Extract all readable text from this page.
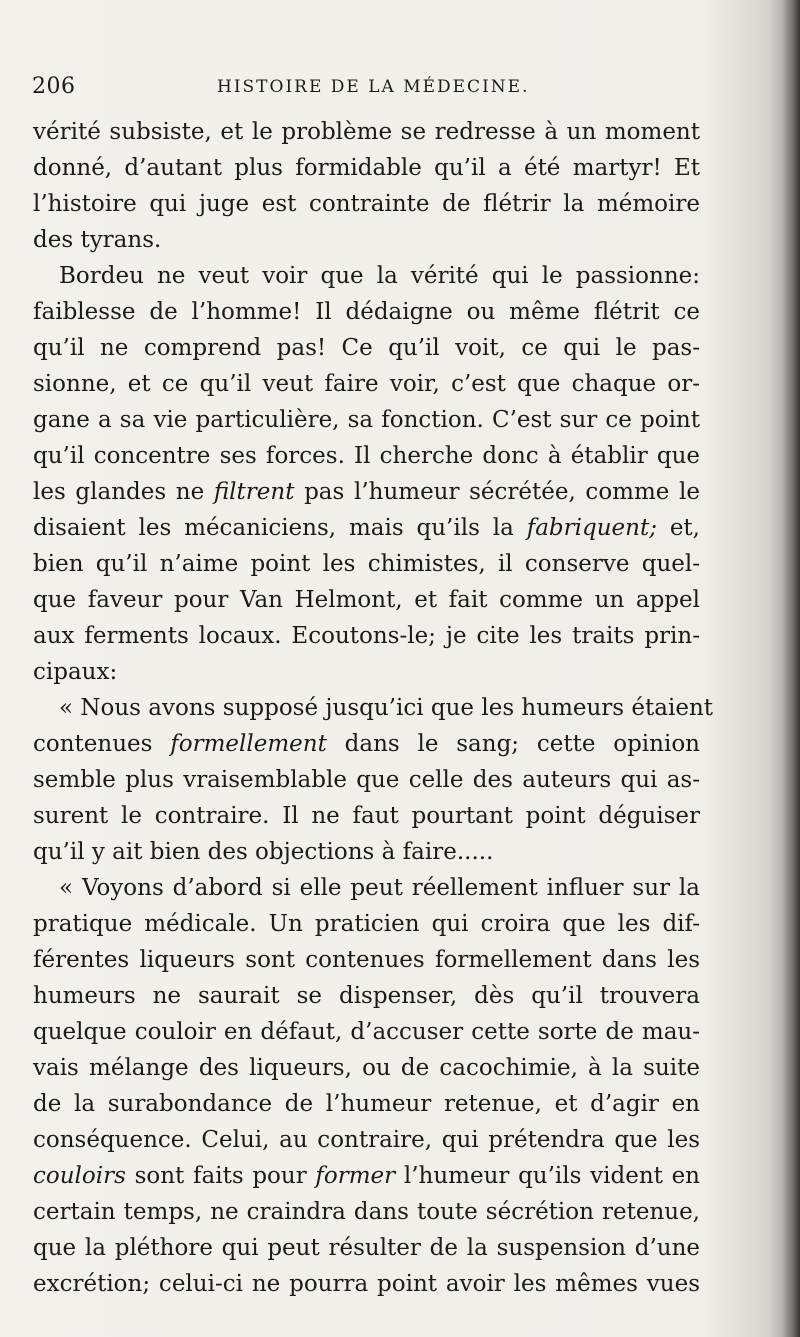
206	HISTOIRE DE LA MÉDECINE.
vérité subsiste, et le problème se redresse à un moment
donné, d’autant plus formidable qu’il a été martyr! Et
l’histoire qui juge est contrainte de flétrir la mémoire
des tyrans.
Bordeu ne veut voir que la vérité qui le passionne:
faiblesse de l’homme! Il dédaigne ou même flétrit ce
qu’il ne comprend pas! Ce qu’il voit, ce qui le pas-
sionne, et ce qu’il veut faire voir, c’est que chaque or-
gane a sa vie particulière, sa fonction. C’est sur ce point
qu’il concentre ses forces. Il cherche donc à établir que
les glandes ne filtrent pas l’humeur sécrétée, comme le
disaient les mécaniciens, mais qu’ils la fabriquent; et,
bien qu’il n’aime point les chimistes, il conserve quel-
que faveur pour Van Helmont, et fait comme un appel
aux ferments locaux. Ecoutons-le; je cite les traits prin-
cipaux:
« Nous avons supposé jusqu’ici que les humeurs étaient
contenues formellement dans le sang; cette opinion
semble plus vraisemblable que celle des auteurs qui as-
surent le contraire. Il ne faut pourtant point déguiser
qu’il y ait bien des objections à faire.....
« Voyons d’abord si elle peut réellement influer sur la
pratique médicale. Un praticien qui croira que les dif-
férentes liqueurs sont contenues formellement dans les
humeurs ne saurait se dispenser, dès qu’il trouvera
quelque couloir en défaut, d’accuser cette sorte de mau-
vais mélange des liqueurs, ou de cacochimie, à la suite
de la surabondance de l’humeur retenue, et d’agir en
conséquence. Celui, au contraire, qui prétendra que les
couloirs sont faits pour former l’humeur qu’ils vident en
certain temps, ne craindra dans toute sécrétion retenue,
que la pléthore qui peut résulter de la suspension d’une
excrétion; celui-ci ne pourra point avoir les mêmes vues
